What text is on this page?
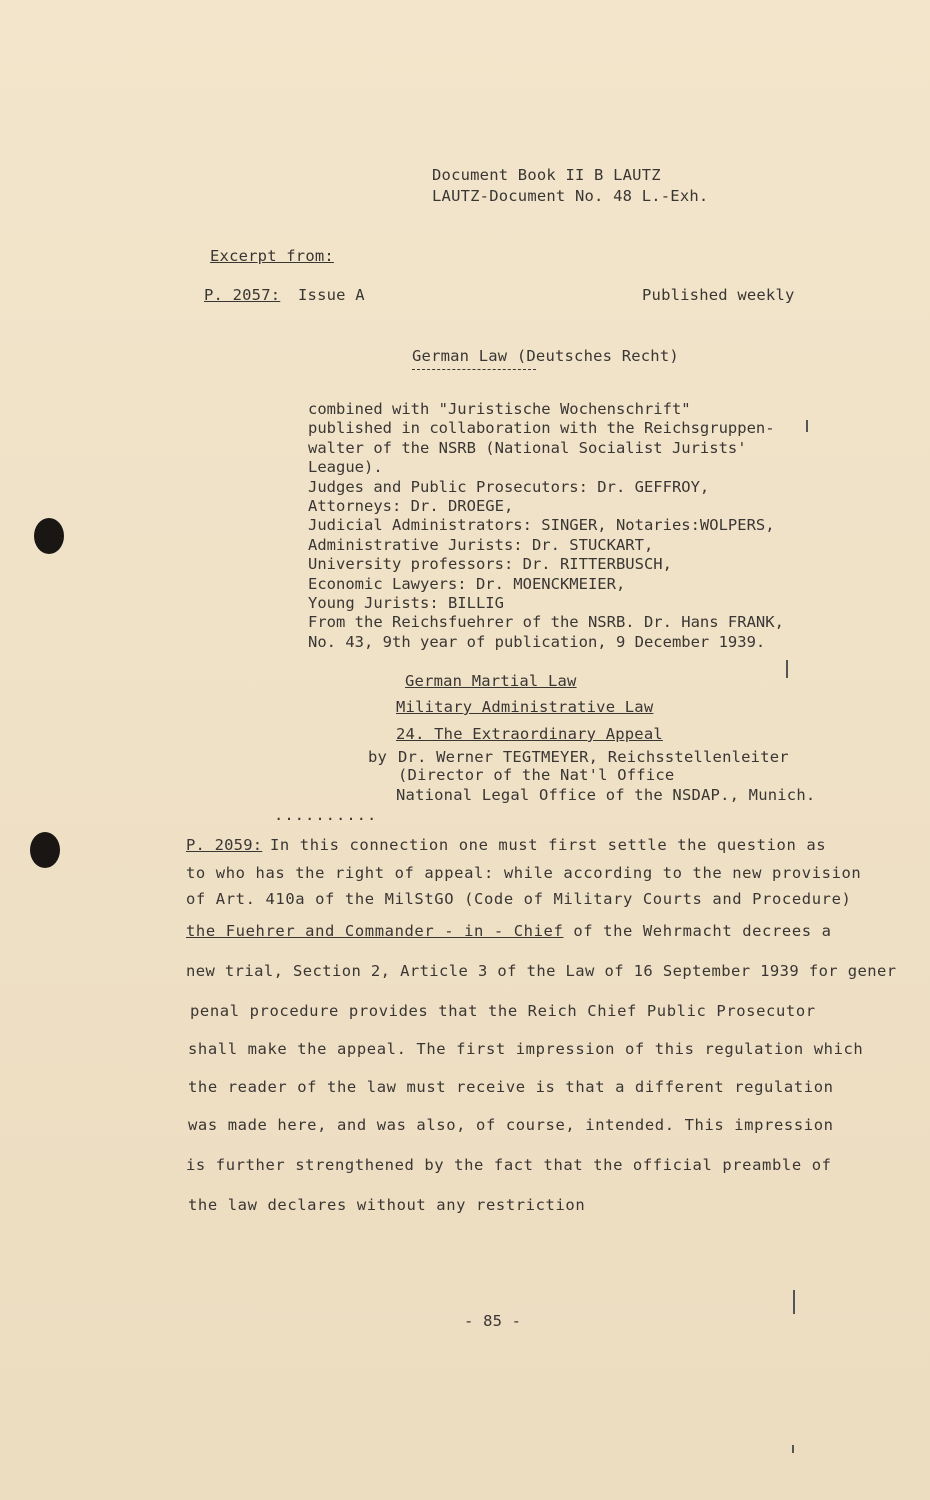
Document Book II B LAUTZ
LAUTZ-Document No. 48 L.-Exh.
Excerpt from:
P. 2057: Issue A	Published weekly
German Law (Deutsches Recht)
combined with "Juristische Wochenschrift"
published in collaboration with the Reichsgruppen-
walter of the NSRB (National Socialist Jurists'
League).
Judges and Public Prosecutors: Dr. GEFFROY,
Attorneys: Dr. DROEGE,
Judicial Administrators: SINGER, Notaries:WOLPERS,
Administrative Jurists: Dr. STUCKART,
University professors: Dr. RITTERBUSCH,
Economic Lawyers: Dr. MOENCKMEIER,
Young Jurists: BILLIG
From the Reichsfuehrer of the NSRB. Dr. Hans FRANK,
No. 43, 9th year of publication, 9 December 1939.
German Martial Law
Military Administrative Law
24. The Extraordinary Appeal
by Dr. Werner TEGTMEYER, Reichsstellenleiter
(Director of the Nat'l Office
National Legal Office of the NSDAP., Munich.
..........
P. 2059: In this connection one must first settle the question as
to who has the right of appeal: while according to the new provision
of Art. 410a of the MilStGO (Code of Military Courts and Procedure)
the Fuehrer and Commander - in - Chief of the Wehrmacht decrees a
new trial, Section 2, Article 3 of the Law of 16 September 1939 for gener
penal procedure provides that the Reich Chief Public Prosecutor
shall make the appeal. The first impression of this regulation which
the reader of the law must receive is that a different regulation
was made here, and was also, of course, intended. This impression
is further strengthened by the fact that the official preamble of
the law declares without any restriction
- 85 -
